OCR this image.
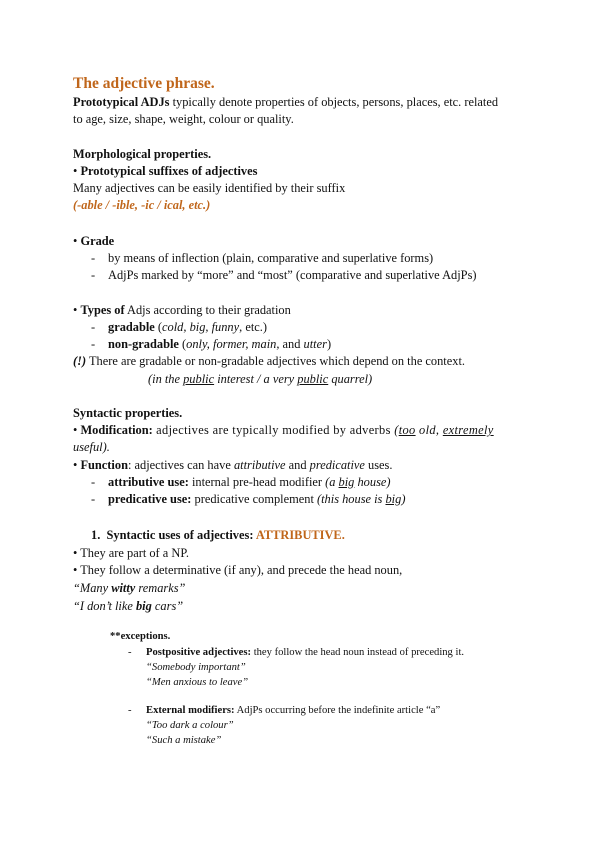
The adjective phrase.
Prototypical ADJs typically denote properties of objects, persons, places, etc. related
to age, size, shape, weight, colour or quality.
Morphological properties.
• Prototypical suffixes of adjectives
Many adjectives can be easily identified by their suffix
(-able / -ible, -ic / ical, etc.)
• Grade
- by means of inflection (plain, comparative and superlative forms)
- AdjPs marked by “more” and “most” (comparative and superlative AdjPs)
• Types of Adjs according to their gradation
- gradable (cold, big, funny, etc.)
- non-gradable (only, former, main, and utter)
(!) There are gradable or non-gradable adjectives which depend on the context.
(in the public interest / a very public quarrel)
Syntactic properties.
• Modification: adjectives are typically modified by adverbs (too old, extremely
useful).
• Function: adjectives can have attributive and predicative uses.
- attributive use: internal pre-head modifier (a big house)
- predicative use: predicative complement (this house is big)
1. Syntactic uses of adjectives: ATTRIBUTIVE.
• They are part of a NP.
• They follow a determinative (if any), and precede the head noun,
“Many witty remarks”
“I don’t like big cars”
**exceptions.
- Postpositive adjectives: they follow the head noun instead of preceding it.
“Somebody important”
“Men anxious to leave”
- External modifiers: AdjPs occurring before the indefinite article “a”
“Too dark a colour”
“Such a mistake”
